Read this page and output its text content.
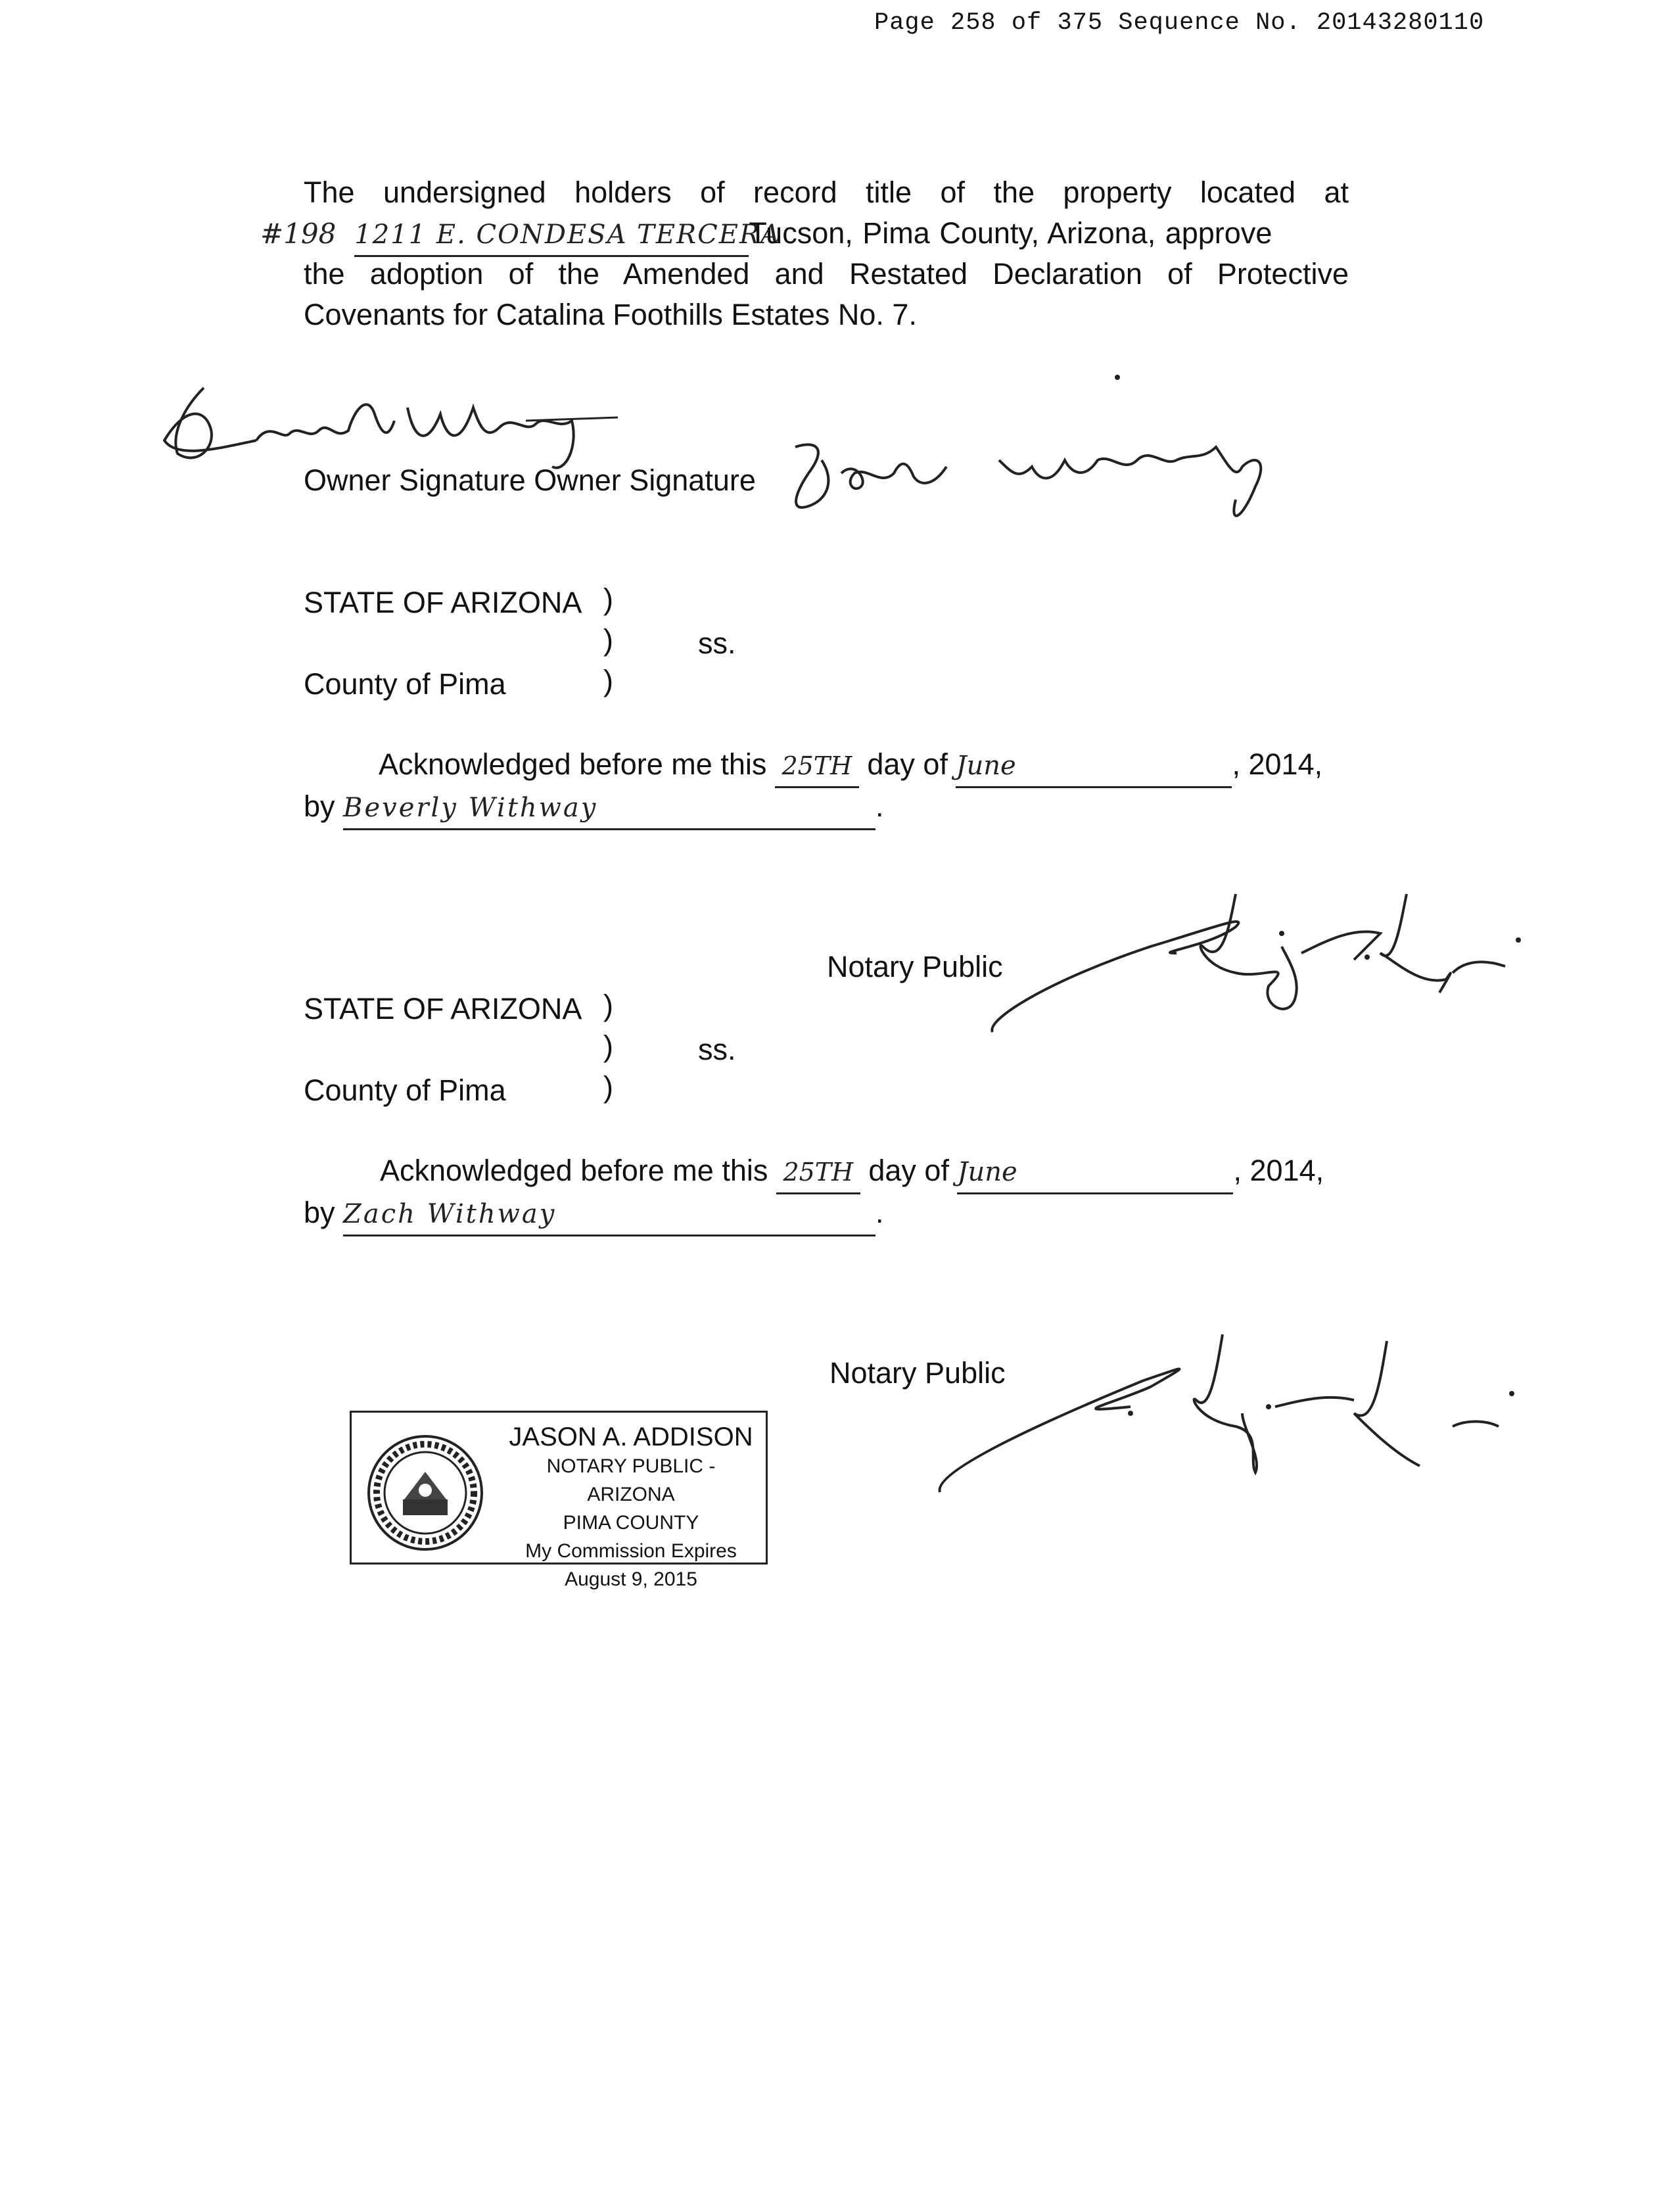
Page 258 of 375 Sequence No. 20143280110
The undersigned holders of record title of the property located at
#198 1211 E. CONDESA TERCERATucson, Pima County, Arizona, approve
the adoption of the Amended and Restated Declaration of Protective
Covenants for Catalina Foothills Estates No. 7.
Owner Signature Owner Signature
STATE OF ARIZONA )
)	ss.
County of Pima	)
Acknowledged before me this 25TH day of June	, 2014,
by Beverly Withway	.
Notary Public
STATE OF ARIZONA )
)	ss.
County of Pima	)
Acknowledged before me this 25TH day of June	, 2014,
by Zach Withway	.
Notary Public
JASON A. ADDISON
NOTARY PUBLIC - ARIZONA
PIMA COUNTY
My Commission Expires
August 9, 2015
